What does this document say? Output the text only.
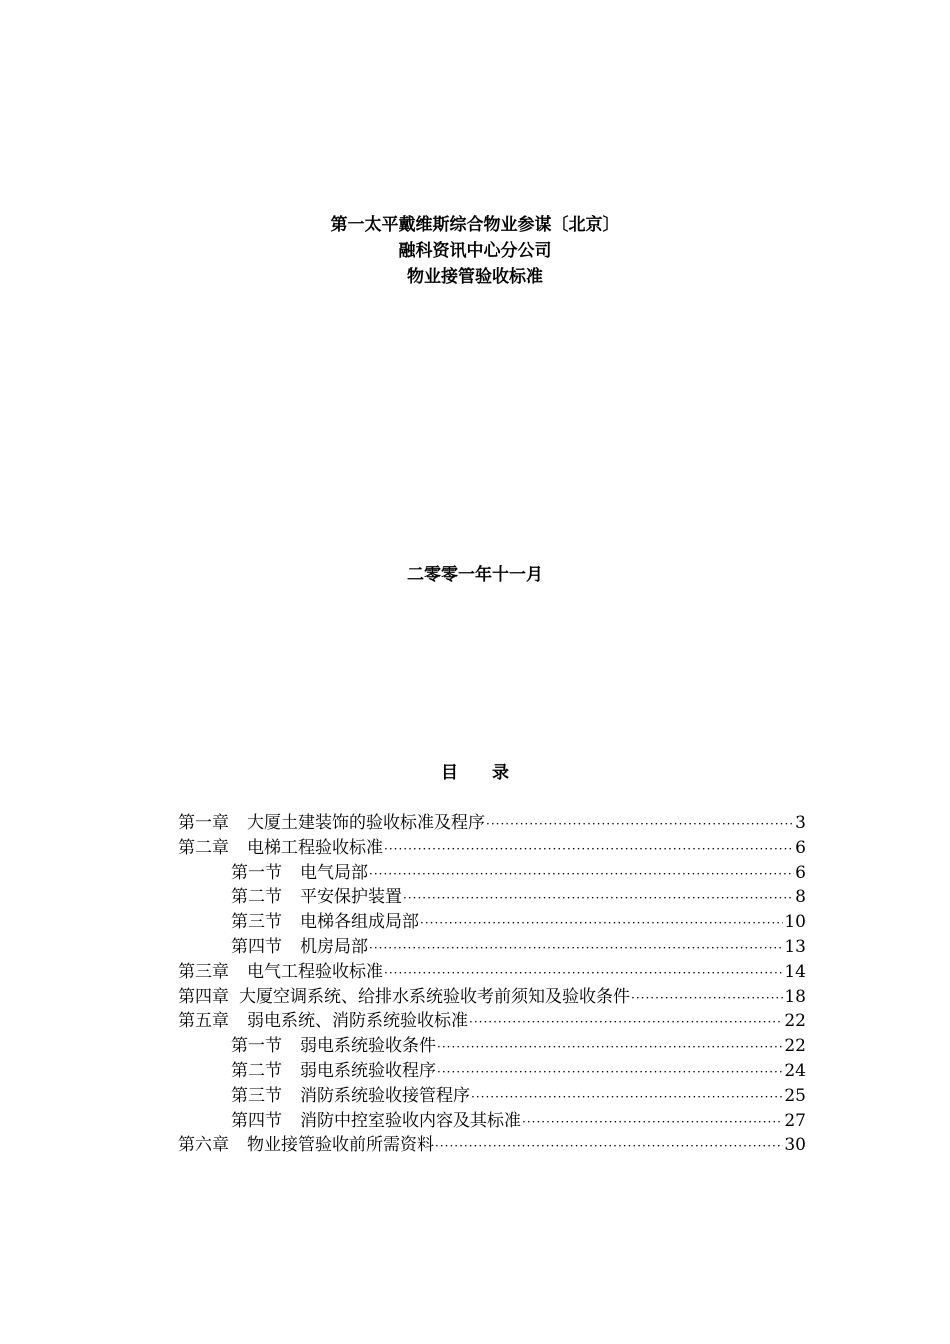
第一太平戴维斯综合物业参谋〔北京〕
融科资讯中心分公司
物业接管验收标准
二零零一年十一月
目 录
第一章 大厦土建装饰的验收标准及程序 ·····	3
第二章 电梯工程验收标准 ·····	6
第一节 电气局部 ·····	6
第二节 平安保护装置 ·····	8
第三节 电梯各组成局部 ·····	10
第四节 机房局部 ·····	13
第三章 电气工程验收标准 ·····	14
第四章 大厦空调系统、给排水系统验收考前须知及验收条件 ·····	18
第五章 弱电系统、消防系统验收标准 ·····	22
第一节 弱电系统验收条件 ·····	22
第二节 弱电系统验收程序 ·····	24
第三节 消防系统验收接管程序 ·····	25
第四节 消防中控室验收内容及其标准 ·····	27
第六章 物业接管验收前所需资料 ·····	30
